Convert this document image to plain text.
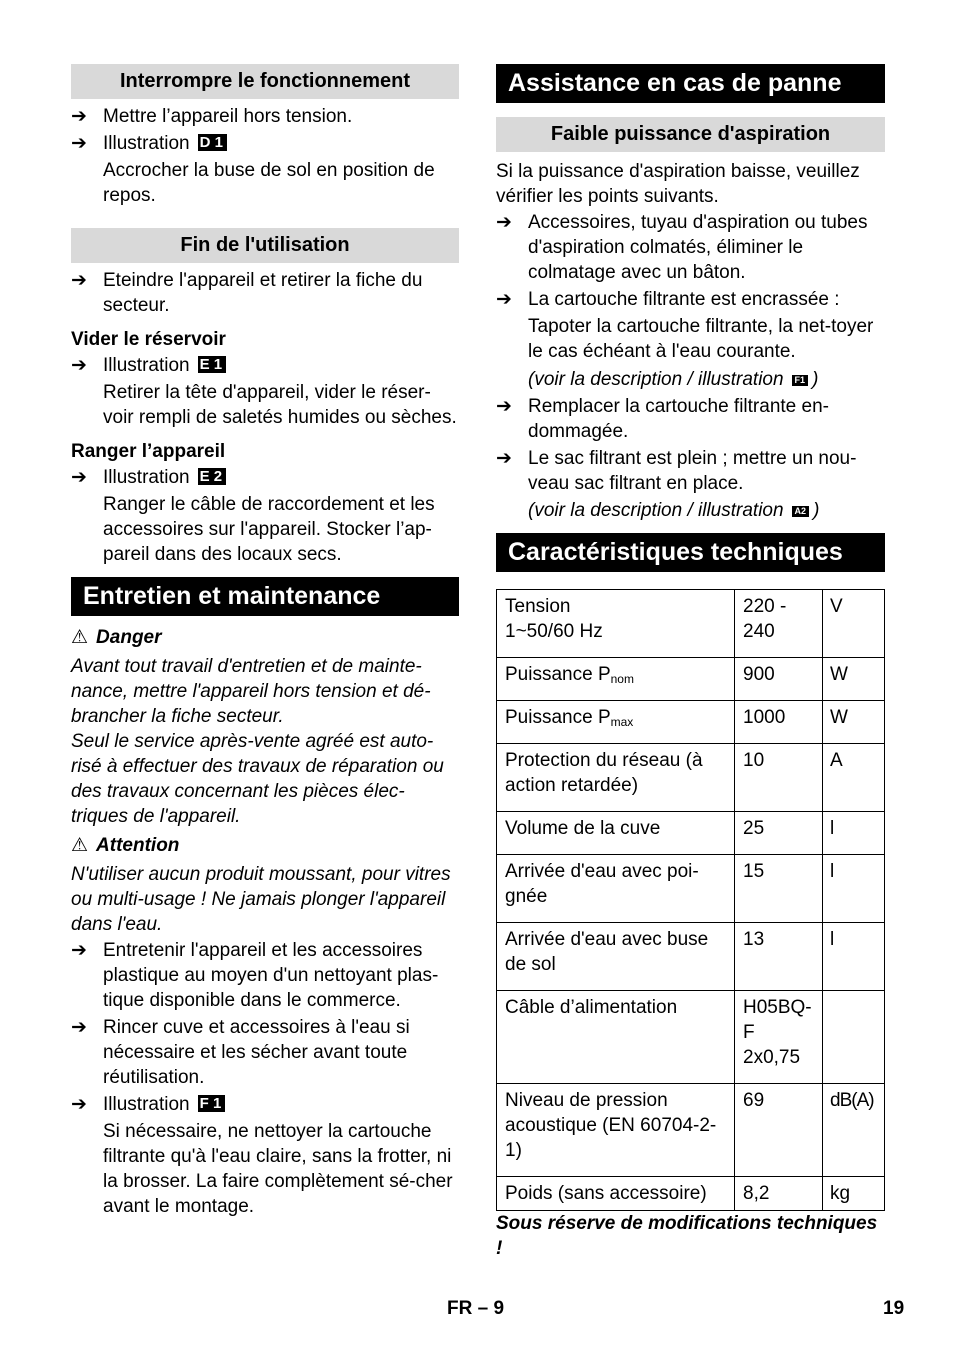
Interrompre le fonctionnement
➔ Mettre l’appareil hors tension.
➔ Illustration D 1
Accrocher la buse de sol en position de repos.
Fin de l'utilisation
➔ Eteindre l'appareil et retirer la fiche du secteur.
Vider le réservoir
➔ Illustration E 1
Retirer la tête d'appareil, vider le réser-voir rempli de saletés humides ou sèches.
Ranger l’appareil
➔ Illustration E 2
Ranger le câble de raccordement et les accessoires sur l'appareil. Stocker l’ap-pareil dans des locaux secs.
Entretien et maintenance
⚠ Danger
Avant tout travail d'entretien et de mainte-nance, mettre l'appareil hors tension et dé-brancher la fiche secteur.
Seul le service après-vente agréé est auto-risé à effectuer des travaux de réparation ou des travaux concernant les pièces élec-triques de l'appareil.
⚠ Attention
N'utiliser aucun produit moussant, pour vitres ou multi-usage ! Ne jamais plonger l'appareil dans l'eau.
➔ Entretenir l'appareil et les accessoires plastique au moyen d'un nettoyant plas-tique disponible dans le commerce.
➔ Rincer cuve et accessoires à l'eau si nécessaire et les sécher avant toute réutilisation.
➔ Illustration F 1
Si nécessaire, ne nettoyer la cartouche filtrante qu'à l'eau claire, sans la frotter, ni la brosser. La faire complètement sé-cher avant le montage.
Assistance en cas de panne
Faible puissance d'aspiration
Si la puissance d'aspiration baisse, veuillez vérifier les points suivants.
➔ Accessoires, tuyau d'aspiration ou tubes d'aspiration colmatés, éliminer le colmatage avec un bâton.
➔ La cartouche filtrante est encrassée :
Tapoter la cartouche filtrante, la net-toyer le cas échéant à l'eau courante.
(voir la description / illustration F1 )
➔ Remplacer la cartouche filtrante en-dommagée.
➔ Le sac filtrant est plein ; mettre un nou-veau sac filtrant en place.
(voir la description / illustration A2 )
Caractéristiques techniques
Tension
1~50/60 Hz	220 - 240	V
Puissance $P_{nom}$	900	W
Puissance $P_{max}$	1000	W
Protection du réseau (à action retardée)	10	A
Volume de la cuve	25	l
Arrivée d'eau avec poi-gnée	15	l
Arrivée d'eau avec buse de sol	13	l
Câble d’alimentation	H05BQ-F 2x0,75	
Niveau de pression acoustique (EN 60704-2-1)	69	dB(A)
Poids (sans accessoire)	8,2	kg
Sous réserve de modifications techniques !
FR – 9	19
